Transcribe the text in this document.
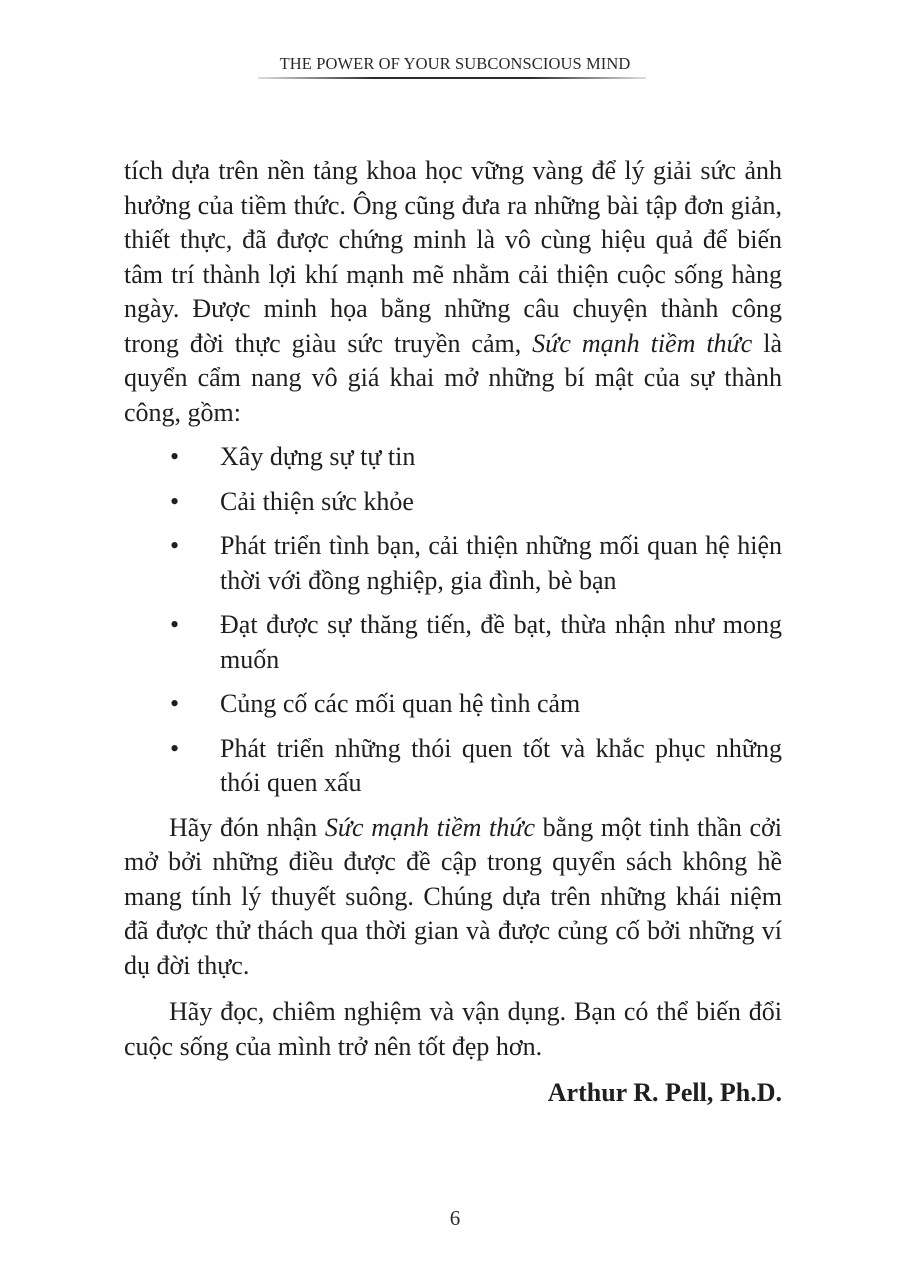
THE POWER OF YOUR SUBCONSCIOUS MIND

tích dựa trên nền tảng khoa học vững vàng để lý giải sức ảnh hưởng của tiềm thức. Ông cũng đưa ra những bài tập đơn giản, thiết thực, đã được chứng minh là vô cùng hiệu quả để biến tâm trí thành lợi khí mạnh mẽ nhằm cải thiện cuộc sống hàng ngày. Được minh họa bằng những câu chuyện thành công trong đời thực giàu sức truyền cảm, Sức mạnh tiềm thức là quyển cẩm nang vô giá khai mở những bí mật của sự thành công, gồm:

• Xây dựng sự tự tin
• Cải thiện sức khỏe
• Phát triển tình bạn, cải thiện những mối quan hệ hiện thời với đồng nghiệp, gia đình, bè bạn
• Đạt được sự thăng tiến, đề bạt, thừa nhận như mong muốn
• Củng cố các mối quan hệ tình cảm
• Phát triển những thói quen tốt và khắc phục những thói quen xấu

Hãy đón nhận Sức mạnh tiềm thức bằng một tinh thần cởi mở bởi những điều được đề cập trong quyển sách không hề mang tính lý thuyết suông. Chúng dựa trên những khái niệm đã được thử thách qua thời gian và được củng cố bởi những ví dụ đời thực.

Hãy đọc, chiêm nghiệm và vận dụng. Bạn có thể biến đổi cuộc sống của mình trở nên tốt đẹp hơn.

Arthur R. Pell, Ph.D.

6
